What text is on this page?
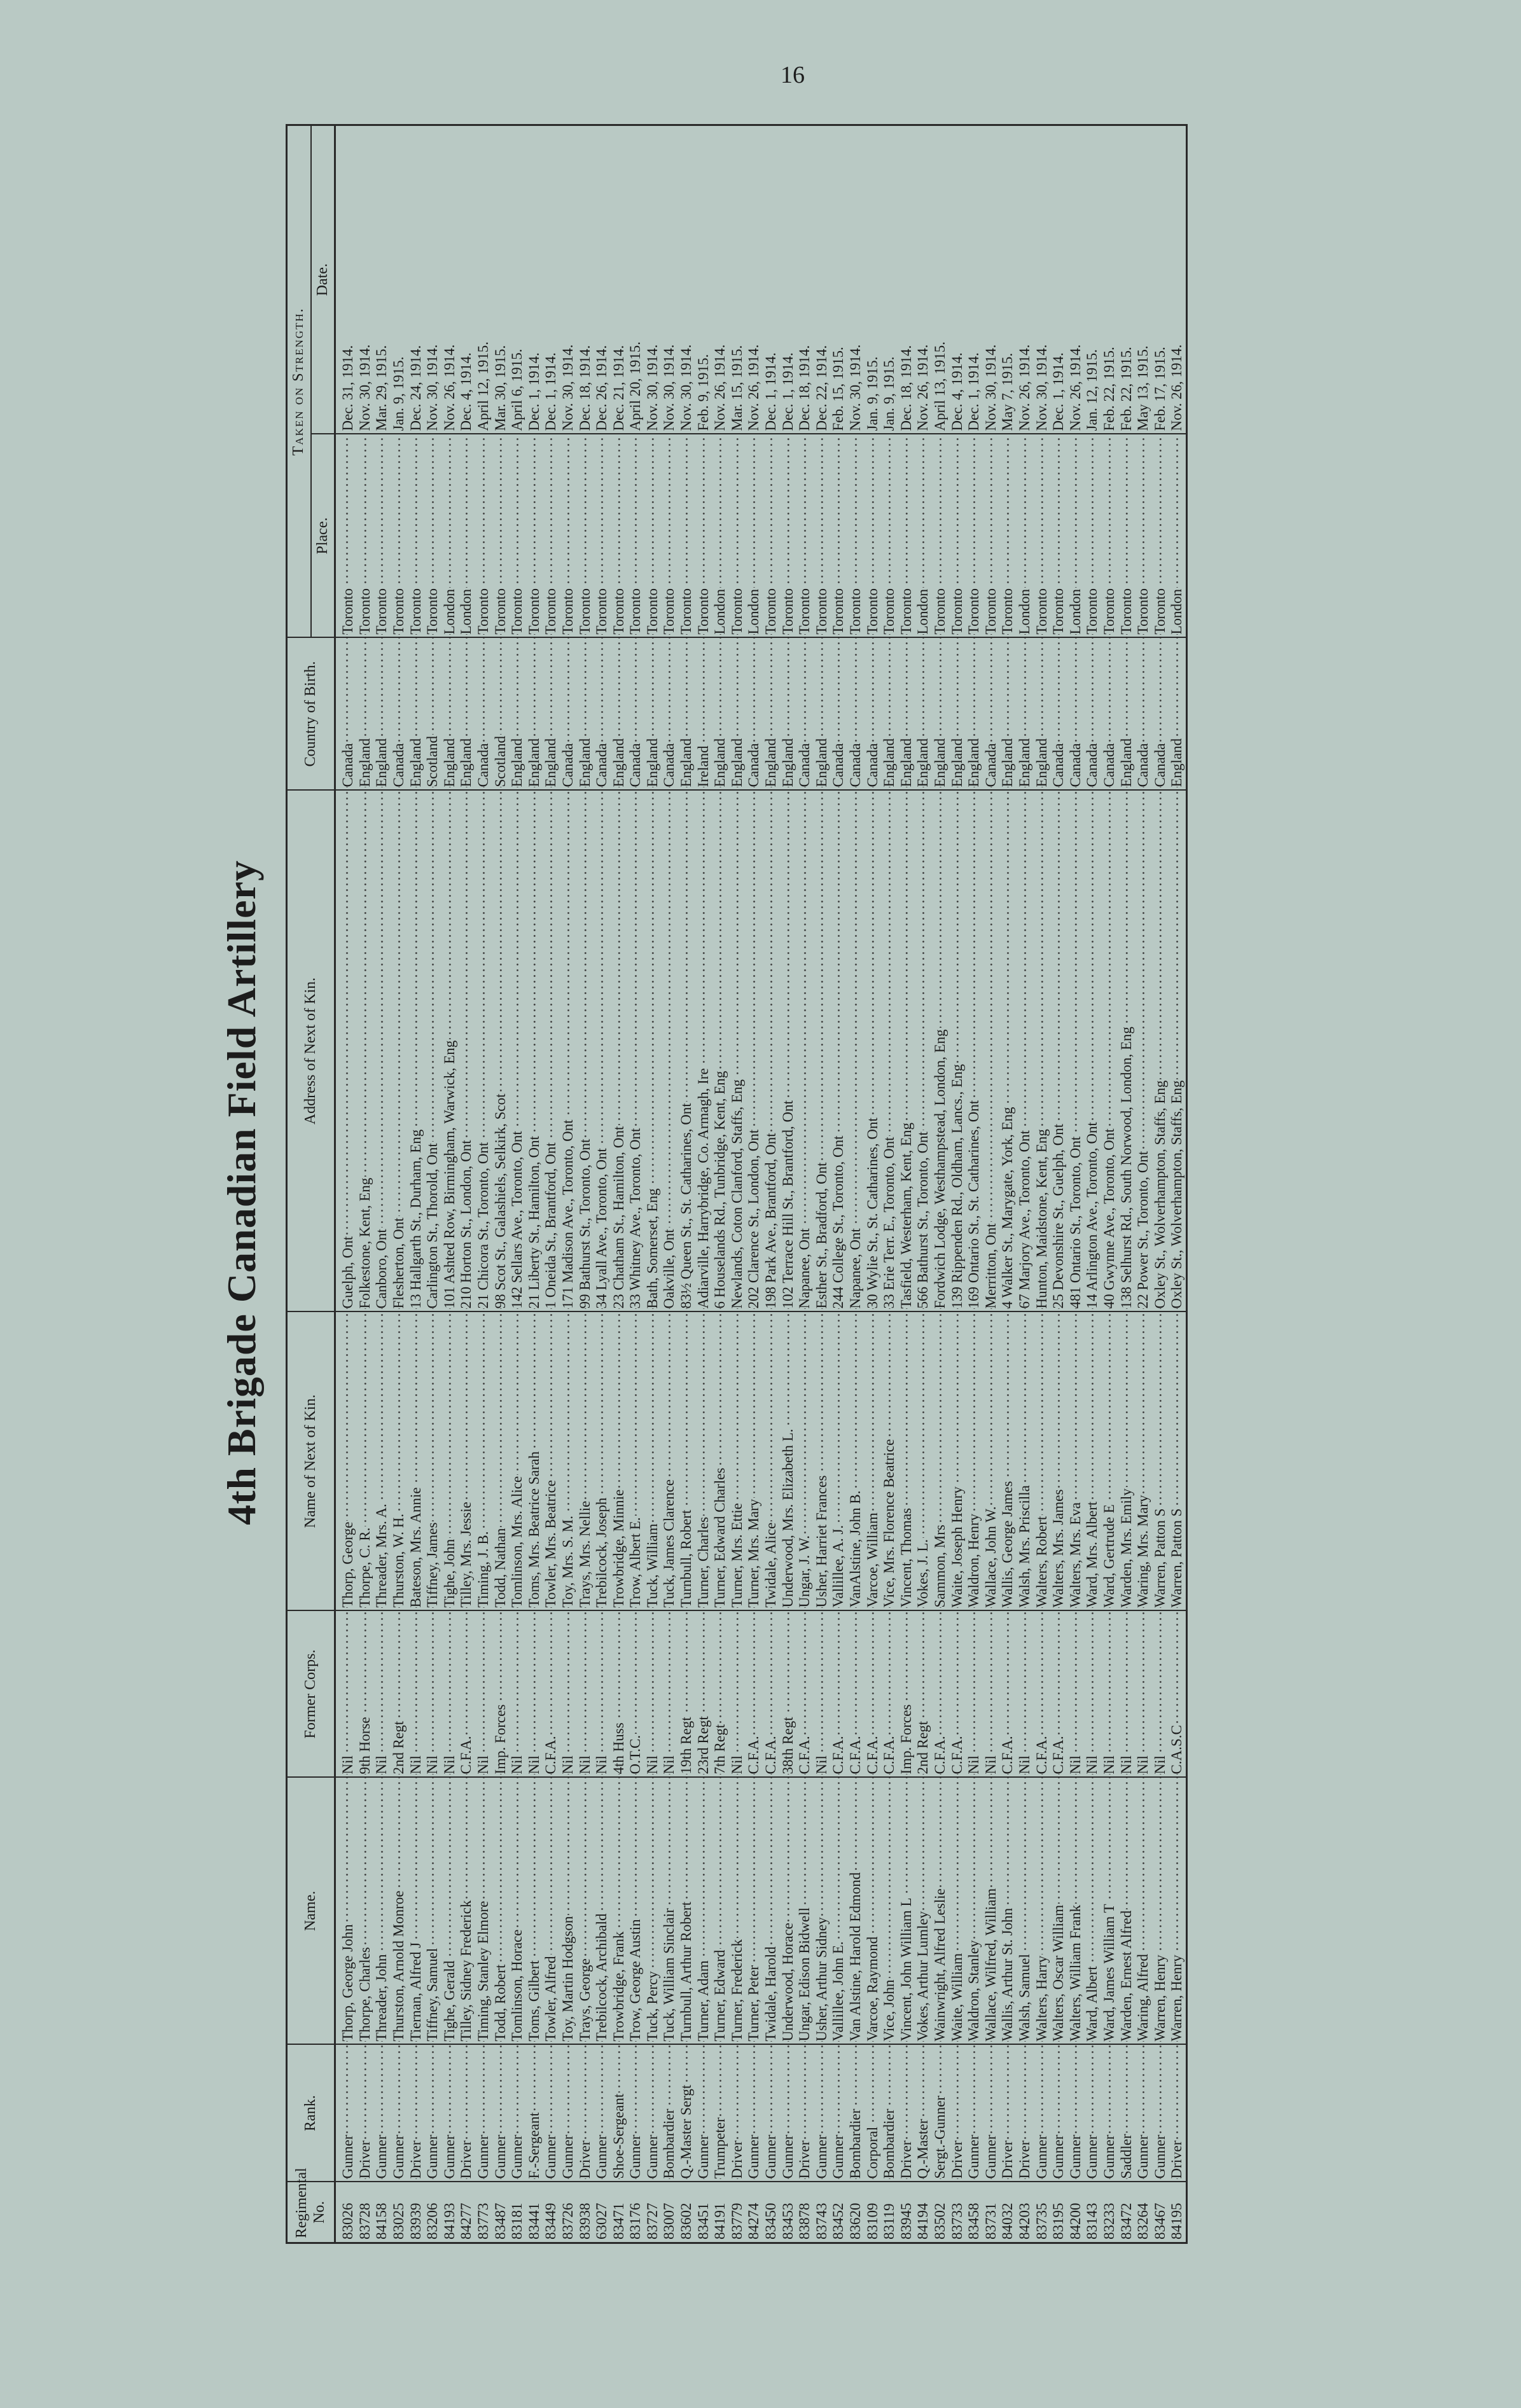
16
4th Brigade Canadian Field Artillery
Regimental No.	Rank.	Name.	Former Corps.	Name of Next of Kin.	Address of Next of Kin.	Country of Birth.	Taken on Strength.	
							Place.	Date.
83026	Gunner	Thorp, George John	Nil	Thorp, George	Guelph, Ont	Canada	Toronto	Dec. 31, 1914.
83728	Driver	Thorpe, Charles	9th Horse	Thorpe, C. R.	Folkestone, Kent, Eng	England	Toronto	Nov. 30, 1914.
84158	Gunner	Threader, John	Nil	Threader, Mrs. A.	Canboro, Ont	England	Toronto	Mar. 29, 1915.
83025	Gunner	Thurston, Arnold Monroe	2nd Regt	Thurston, W. H.	Flesherton, Ont	Canada	Toronto	Jan. 9, 1915.
83939	Driver	Tiernan, Alfred J	Nil	Bateson, Mrs. Annie	13 Hallgarth St., Durham, Eng	England	Toronto	Dec. 24, 1914.
83206	Gunner	Tiffney, Samuel	Nil	Tiffney, James	Carlington St., Thorold, Ont	Scotland	Toronto	Nov. 30, 1914.
84193	Gunner	Tighe, Gerald	Nil	Tighe, John	101 Ashted Row, Birmingham, Warwick, Eng	England	London	Nov. 26, 1914.
84277	Driver	Tilley, Sidney Frederick	C.F.A.	Tilley, Mrs. Jessie	210 Horton St., London, Ont	England	London	Dec. 4, 1914.
83773	Gunner	Timing, Stanley Elmore	Nil	Timing, J. B.	21 Chicora St., Toronto, Ont	Canada	Toronto	April 12, 1915.
83487	Gunner	Todd, Robert	Imp. Forces	Todd, Nathan	98 Scot St., Galashiels, Selkirk, Scot	Scotland	Toronto	Mar. 30, 1915.
83181	Gunner	Tomlinson, Horace	Nil	Tomlinson, Mrs. Alice	142 Sellars Ave., Toronto, Ont	England	Toronto	April 6, 1915.
83441	F.-Sergeant	Toms, Gilbert	Nil	Toms, Mrs. Beatrice Sarah	21 Liberty St., Hamilton, Ont	England	Toronto	Dec. 1, 1914.
83449	Gunner	Towler, Alfred	C.F.A.	Towler, Mrs. Beatrice	1 Oneida St., Brantford, Ont	England	Toronto	Dec. 1, 1914.
83726	Gunner	Toy, Martin Hodgson	Nil	Toy, Mrs. S. M.	171 Madison Ave., Toronto, Ont	Canada	Toronto	Nov. 30, 1914.
83938	Driver	Trays, George	Nil	Trays, Mrs. Nellie	99 Bathurst St., Toronto, Ont	England	Toronto	Dec. 18, 1914.
63027	Gunner	Trebilcock, Archibald	Nil	Trebilcock, Joseph	34 Lyall Ave., Toronto, Ont	Canada	Toronto	Dec. 26, 1914.
83471	Shoe-Sergeant	Trowbridge, Frank	4th Huss	Trowbridge, Minnie	23 Chatham St., Hamilton, Ont	England	Toronto	Dec. 21, 1914.
83176	Gunner	Trow, George Austin	O.T.C.	Trow, Albert E.	33 Whitney Ave., Toronto, Ont	Canada	Toronto	April 20, 1915.
83727	Gunner	Tuck, Percy	Nil	Tuck, William	Bath, Somerset, Eng	England	Toronto	Nov. 30, 1914.
83007	Bombardier	Tuck, William Sinclair	Nil	Tuck, James Clarence	Oakville, Ont	Canada	Toronto	Nov. 30, 1914.
83602	Q.-Master Sergt	Turnbull, Arthur Robert	19th Regt	Turnbull, Robert	83½ Queen St., St. Catharines, Ont	England	Toronto	Nov. 30, 1914.
83451	Gunner	Turner, Adam	23rd Regt	Turner, Charles	Adiarville, Harrybridge, Co. Armagh, Ire	Ireland	Toronto	Feb. 9, 1915.
84191	Trumpeter	Turner, Edward	7th Regt	Turner, Edward Charles	6 Houselands Rd., Tunbridge, Kent, Eng	England	London	Nov. 26, 1914.
83779	Driver	Turner, Frederick	Nil	Turner, Mrs. Ettie	Newlands, Coton Clanford, Staffs, Eng	England	Toronto	Mar. 15, 1915.
84274	Gunner	Turner, Peter	C.F.A.	Turner, Mrs. Mary	202 Clarence St., London, Ont	Canada	London	Nov. 26, 1914.
83450	Gunner	Twidale, Harold	C.F.A.	Twidale, Alice	198 Park Ave., Brantford, Ont	England	Toronto	Dec. 1, 1914.
83453	Gunner	Underwood, Horace	38th Regt	Underwood, Mrs. Elizabeth L.	102 Terrace Hill St., Brantford, Ont	England	Toronto	Dec. 1, 1914.
83878	Driver	Ungar, Edison Bidwell	C.F.A.	Ungar, J. W.	Napanee, Ont	Canada	Toronto	Dec. 18, 1914.
83743	Gunner	Usher, Arthur Sidney	Nil	Usher, Harriet Frances	Esther St., Bradford, Ont	England	Toronto	Dec. 22, 1914.
83452	Gunner	Vallillee, John E.	C.F.A.	Vallillee, A. J.	244 College St., Toronto, Ont	Canada	Toronto	Feb. 15, 1915.
83620	Bombardier	Van Alstine, Harold Edmond	C.F.A.	VanAlstine, John B.	Napanee, Ont	Canada	Toronto	Nov. 30, 1914.
83109	Corporal	Varcoe, Raymond	C.F.A.	Varcoe, William	30 Wylie St., St. Catharines, Ont	Canada	Toronto	Jan. 9, 1915.
83119	Bombardier	Vice, John	C.F.A.	Vice, Mrs. Florence Beatrice	33 Erie Terr. E., Toronto, Ont	England	Toronto	Jan. 9, 1915.
83945	Driver	Vincent, John William L	Imp. Forces	Vincent, Thomas	Tasfield, Westerham, Kent, Eng	England	Toronto	Dec. 18, 1914.
84194	Q.-Master	Vokes, Arthur Lumley	2nd Regt	Vokes, J. L.	566 Bathurst St., Toronto, Ont	England	London	Nov. 26, 1914.
83502	Sergt.-Gunner	Wainwright, Alfred Leslie	C.F.A.	Sammon, Mrs	Fordwich Lodge, Westhampstead, London, Eng	England	Toronto	April 13, 1915.
83733	Driver	Waite, William	C.F.A.	Waite, Joseph Henry	139 Rippenden Rd., Oldham, Lancs., Eng	England	Toronto	Dec. 4, 1914.
83458	Gunner	Waldron, Stanley	Nil	Waldron, Henry	169 Ontario St., St. Catharines, Ont	England	Toronto	Dec. 1, 1914.
83731	Gunner	Wallace, Wilfred, William	Nil	Wallace, John W.	Merritton, Ont	Canada	Toronto	Nov. 30, 1914.
84032	Driver	Wallis, Arthur St. John	C.F.A.	Wallis, George James	4 Walker St., Marygate, York, Eng	England	Toronto	May 7, 1915.
84203	Driver	Walsh, Samuel	Nil	Walsh, Mrs. Priscilla	67 Marjory Ave., Toronto, Ont	England	London	Nov. 26, 1914.
83735	Gunner	Walters, Harry	C.F.A.	Walters, Robert	Hunton, Maidstone, Kent, Eng	England	Toronto	Nov. 30, 1914.
83195	Gunner	Walters, Oscar William	C.F.A.	Walters, Mrs. James	25 Devonshire St., Guelph, Ont	Canada	Toronto	Dec. 1, 1914.
84200	Gunner	Walters, William Frank	Nil	Walters, Mrs. Eva	481 Ontario St., Toronto, Ont	Canada	London	Nov. 26, 1914.
83143	Gunner	Ward, Albert	Nil	Ward, Mrs. Albert	14 Arlington Ave., Toronto, Ont	Canada	Toronto	Jan. 12, 1915.
83233	Gunner	Ward, James William T	Nil	Ward, Gertrude E	40 Gwynne Ave., Toronto, Ont	Canada	Toronto	Feb. 22, 1915.
83472	Saddler	Warden, Ernest Alfred	Nil	Warden, Mrs. Emily	138 Selhurst Rd., South Norwood, London, Eng	England	Toronto	Feb. 22, 1915.
83264	Gunner	Waring, Alfred	Nil	Waring, Mrs. Mary	22 Power St., Toronto, Ont	Canada	Toronto	May 13, 1915.
83467	Gunner	Warren, Henry	Nil	Warren, Patton S	Oxley St., Wolverhampton, Staffs, Eng	Canada	Toronto	Feb. 17, 1915.
84195	Driver	Warren, Henry	C.A.S.C	Warren, Patton S	Oxley St., Wolverhampton, Staffs, Eng	England	London	Nov. 26, 1914.
